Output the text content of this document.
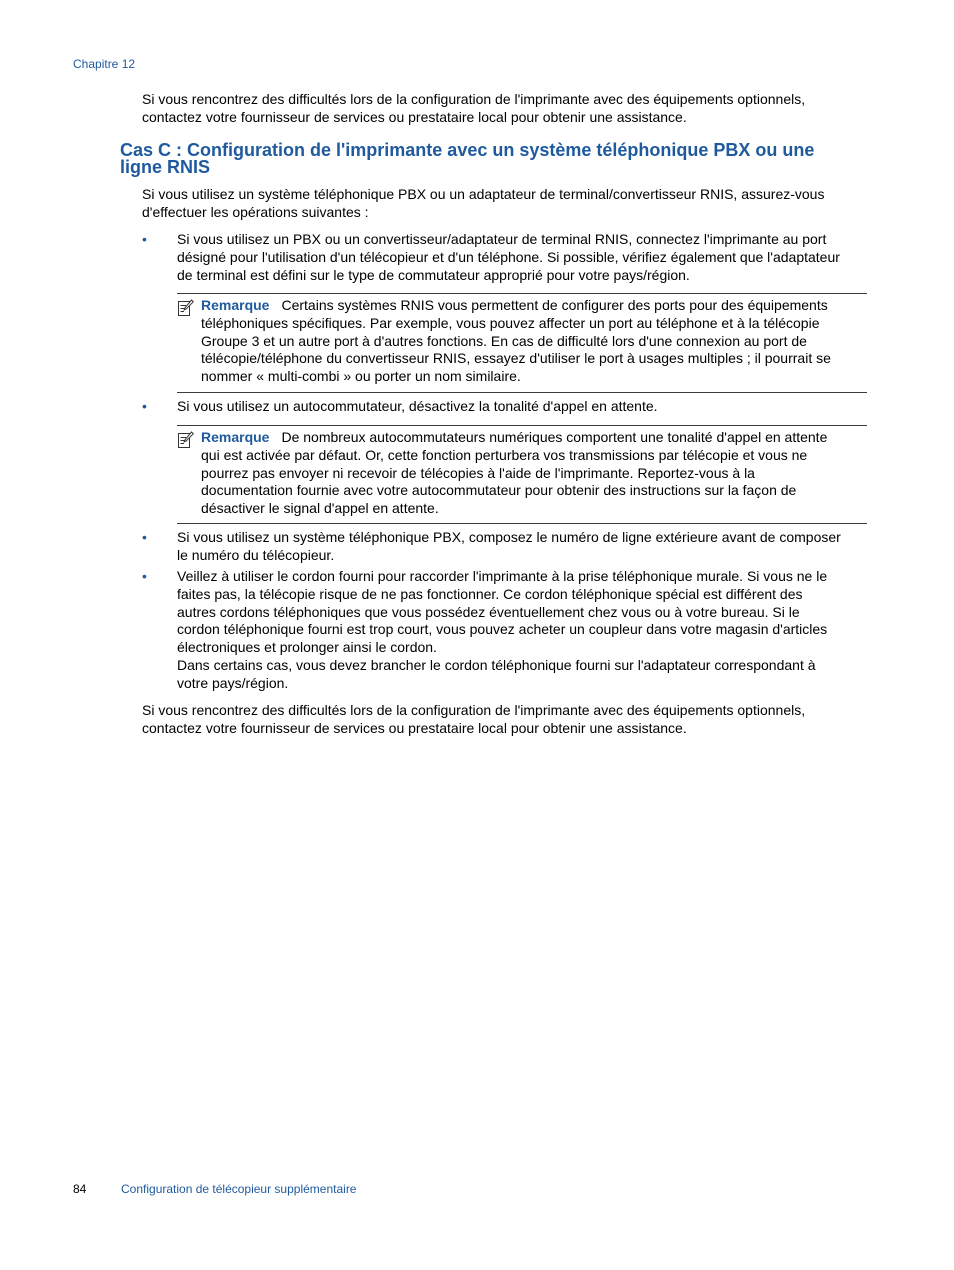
Chapitre 12
Si vous rencontrez des difficultés lors de la configuration de l'imprimante avec des équipements optionnels,
contactez votre fournisseur de services ou prestataire local pour obtenir une assistance.
Cas C : Configuration de l'imprimante avec un système téléphonique PBX ou une
ligne RNIS
Si vous utilisez un système téléphonique PBX ou un adaptateur de terminal/convertisseur RNIS, assurez-vous
d'effectuer les opérations suivantes :
• Si vous utilisez un PBX ou un convertisseur/adaptateur de terminal RNIS, connectez l'imprimante au port
désigné pour l'utilisation d'un télécopieur et d'un téléphone. Si possible, vérifiez également que l'adaptateur
de terminal est défini sur le type de commutateur approprié pour votre pays/région.
Remarque Certains systèmes RNIS vous permettent de configurer des ports pour des équipements
téléphoniques spécifiques. Par exemple, vous pouvez affecter un port au téléphone et à la télécopie
Groupe 3 et un autre port à d'autres fonctions. En cas de difficulté lors d'une connexion au port de
télécopie/téléphone du convertisseur RNIS, essayez d'utiliser le port à usages multiples ; il pourrait se
nommer « multi-combi » ou porter un nom similaire.
• Si vous utilisez un autocommutateur, désactivez la tonalité d'appel en attente.
Remarque De nombreux autocommutateurs numériques comportent une tonalité d'appel en attente
qui est activée par défaut. Or, cette fonction perturbera vos transmissions par télécopie et vous ne
pourrez pas envoyer ni recevoir de télécopies à l'aide de l'imprimante. Reportez-vous à la
documentation fournie avec votre autocommutateur pour obtenir des instructions sur la façon de
désactiver le signal d'appel en attente.
• Si vous utilisez un système téléphonique PBX, composez le numéro de ligne extérieure avant de composer
le numéro du télécopieur.
• Veillez à utiliser le cordon fourni pour raccorder l'imprimante à la prise téléphonique murale. Si vous ne le
faites pas, la télécopie risque de ne pas fonctionner. Ce cordon téléphonique spécial est différent des
autres cordons téléphoniques que vous possédez éventuellement chez vous ou à votre bureau. Si le
cordon téléphonique fourni est trop court, vous pouvez acheter un coupleur dans votre magasin d'articles
électroniques et prolonger ainsi le cordon.
Dans certains cas, vous devez brancher le cordon téléphonique fourni sur l'adaptateur correspondant à
votre pays/région.
Si vous rencontrez des difficultés lors de la configuration de l'imprimante avec des équipements optionnels,
contactez votre fournisseur de services ou prestataire local pour obtenir une assistance.
84	Configuration de télécopieur supplémentaire
